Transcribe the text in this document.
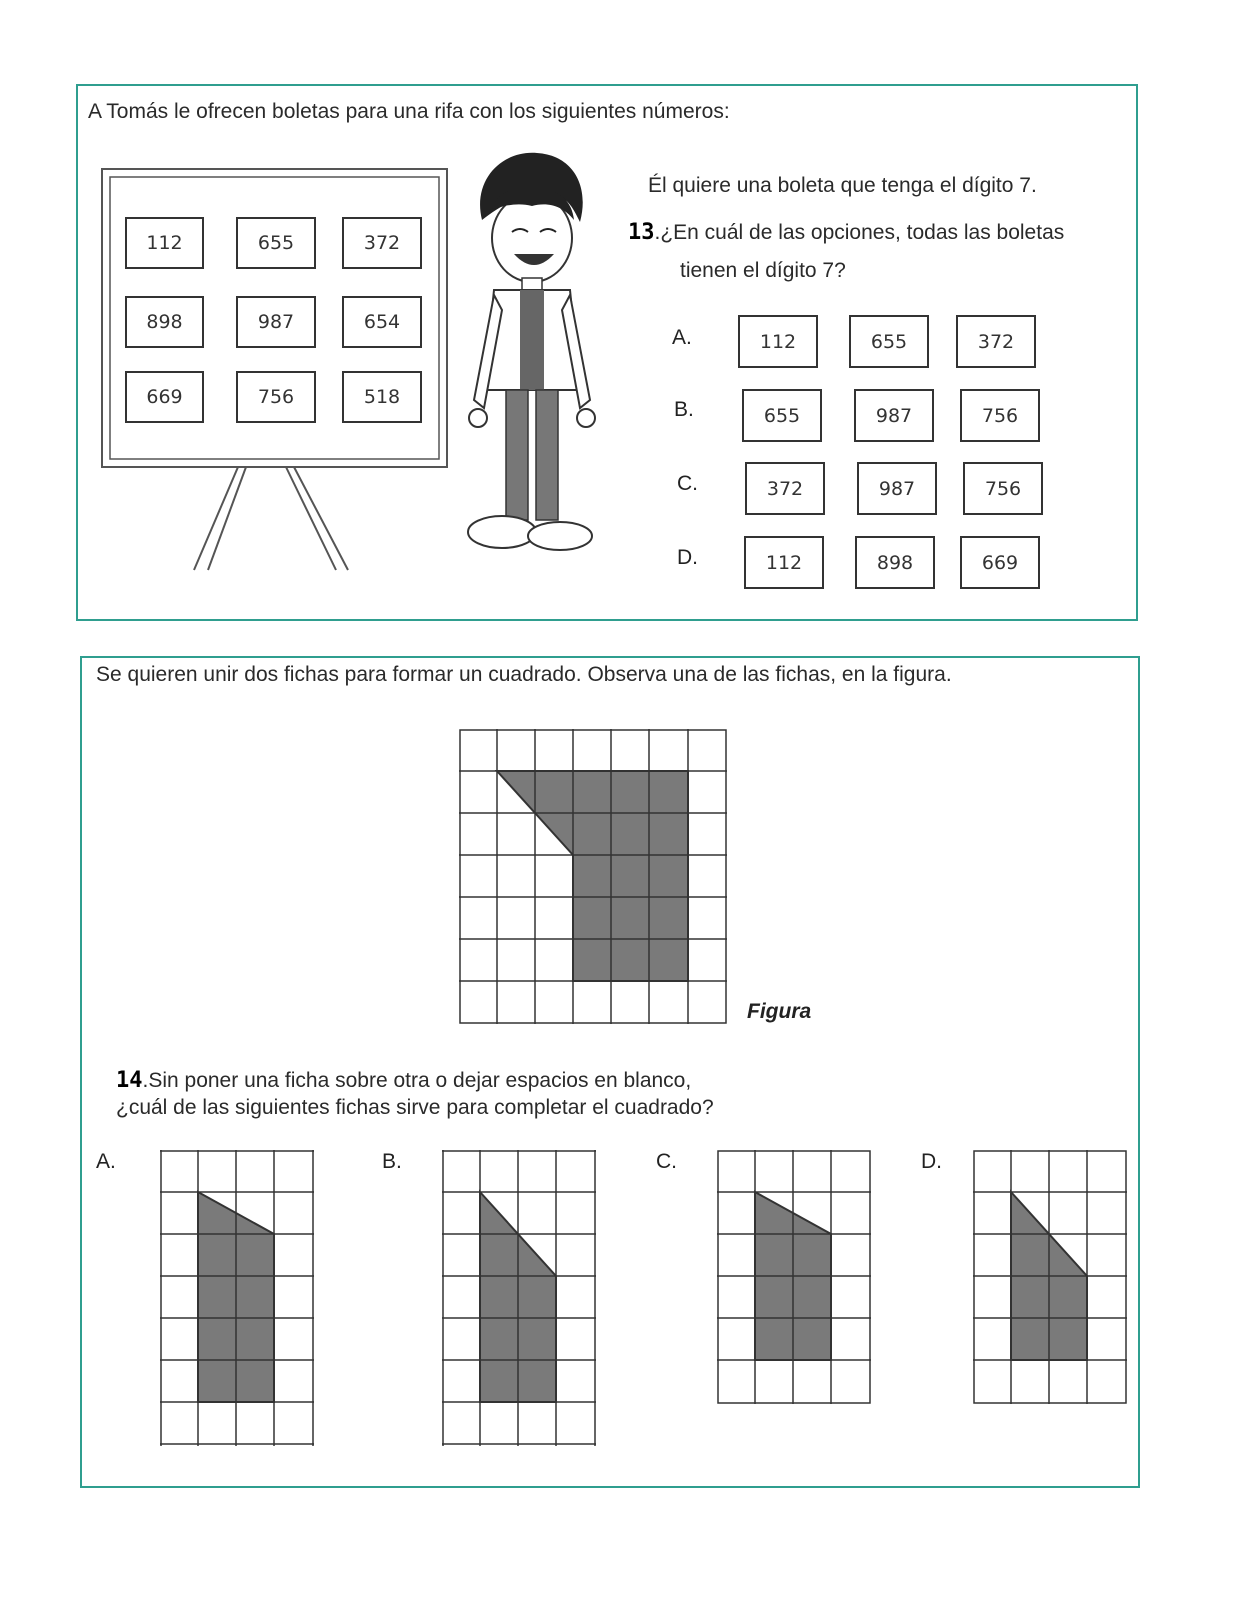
A Tomás le ofrecen boletas para una rifa con los siguientes números:
112	655	372
898	987	654
669	756	518
Él quiere una boleta que tenga el dígito 7.
13.¿En cuál de las opciones, todas las boletas
tienen el dígito 7?
A.	112	655	372
B.	655	987	756
C.	372	987	756
D.	112	898	669
Se quieren unir dos fichas para formar un cuadrado. Observa una de las fichas, en la figura.
Figura
14.Sin poner una ficha sobre otra o dejar espacios en blanco,
¿cuál de las siguientes fichas sirve para completar el cuadrado?
A.	B.	C.	D.
